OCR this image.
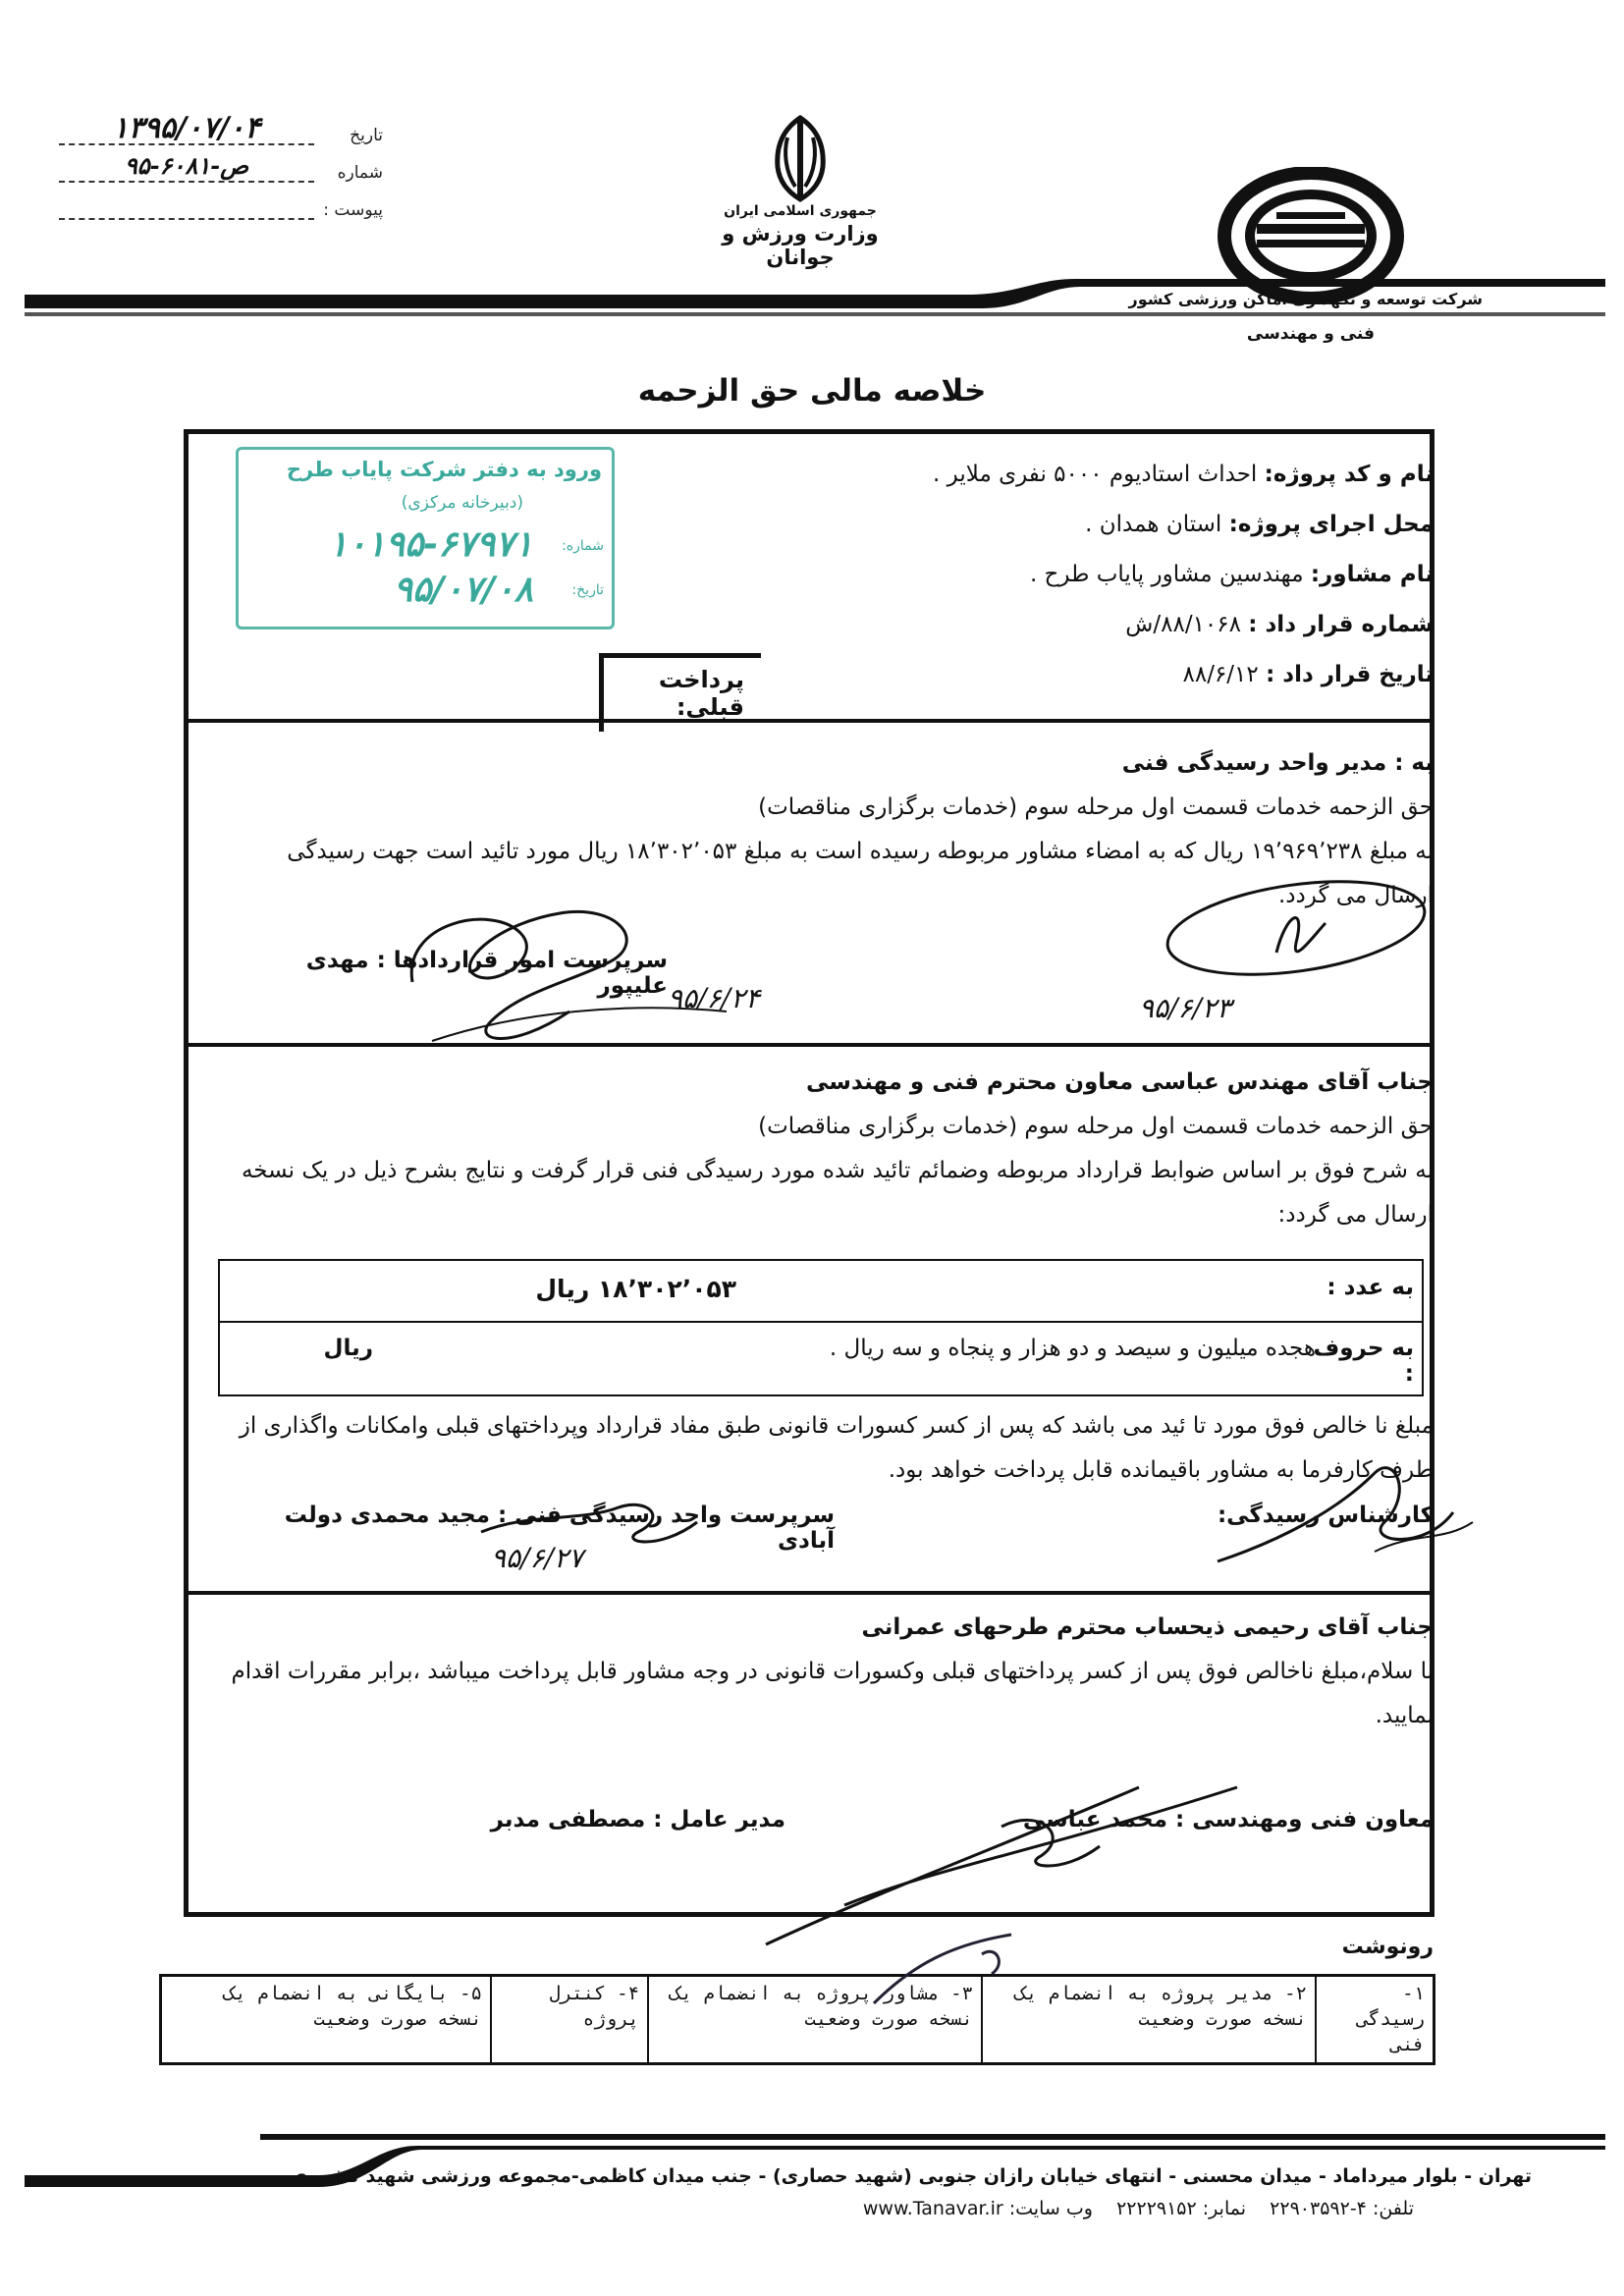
تاریخ
۱۳۹۵/۰۷/۰۴
شماره
۹۵-۶۰۸۱-ص
پیوست :	جمهوری اسلامی ایران
وزارت ورزش و جوانان
شرکت توسعه و نگهداری اماکن ورزشی کشور
فنی و مهندسی
خلاصه مالی حق الزحمه
نام و کد پروژه: احداث استادیوم ۵۰۰۰ نفری ملایر .
محل اجرای پروژه: استان همدان .
نام مشاور: مهندسین مشاور پایاب طرح .
شماره قرار داد : ۸۸/۱۰۶۸/ش
تاریخ قرار داد : ۸۸/۶/۱۲
ورود به دفتر شرکت پایاب طرح
(دبیرخانه مرکزی)
شماره:
۱۰۱۹۵-۶۷۹۷۱
تاریخ:
۹۵/۰۷/۰۸
پرداخت قبلی:
به : مدیر واحد رسیدگی فنی
حق الزحمه خدمات قسمت اول مرحله سوم (خدمات برگزاری مناقصات)
به مبلغ ۱۹٬۹۶۹٬۲۳۸ ریال که به امضاء مشاور مربوطه رسیده است به مبلغ ۱۸٬۳۰۲٬۰۵۳ ریال مورد تائید است جهت رسیدگی ارسال می گردد.
سرپرست امور قراردادها : مهدی علیپور ۹۵/۶/۲۴	۹۵/۶/۲۳
جناب آقای مهندس عباسی معاون محترم فنی و مهندسی
حق الزحمه خدمات قسمت اول مرحله سوم (خدمات برگزاری مناقصات)
به شرح فوق بر اساس ضوابط قرارداد مربوطه وضمائم تائید شده مورد رسیدگی فنی قرار گرفت و نتایج بشرح ذیل در یک نسخه ارسال می گردد:
به عدد :
۱۸٬۳۰۲٬۰۵۳ ریال
به حروف :
هجده میلیون و سیصد و دو هزار و پنجاه و سه ریال .
ریال
مبلغ نا خالص فوق مورد تا ئید می باشد که پس از کسر کسورات قانونی طبق مفاد قرارداد وپرداختهای قبلی وامکانات واگذاری از طرف کارفرما به مشاور باقیمانده قابل پرداخت خواهد بود.
سرپرست واحد رسیدگی فنی : مجید محمدی دولت آبادی
۹۵/۶/۲۷
کارشناس رسیدگی:
جناب آقای رحیمی ذیحساب محترم طرحهای عمرانی
با سلام،مبلغ ناخالص فوق پس از کسر پرداختهای قبلی وکسورات قانونی در وجه مشاور قابل پرداخت میباشد ،برابر مقررات اقدام نمایید.
معاون فنی ومهندسی : محمد عباسی
مدیر عامل : مصطفی مدبر
رونوشت
۱- رسیدگی فنی
۲- مدیر پروژه به انضمام یک نسخه صورت وضعیت
۳- مشاور پروژه به انضمام یک نسخه صورت وضعیت
۴- کنترل پروژه
۵- بایگانی به انضمام یک نسخه صورت وضعیت
تهران - بلوار میرداماد - میدان محسنی - انتهای خیابان رازان جنوبی (شهید حصاری) - جنب میدان کاظمی-مجموعه ورزشی شهید کشوری
تلفن: ۴-۲۲۹۰۳۵۹۲    نمابر: ۲۲۲۲۹۱۵۲    وب سایت: www.Tanavar.ir
